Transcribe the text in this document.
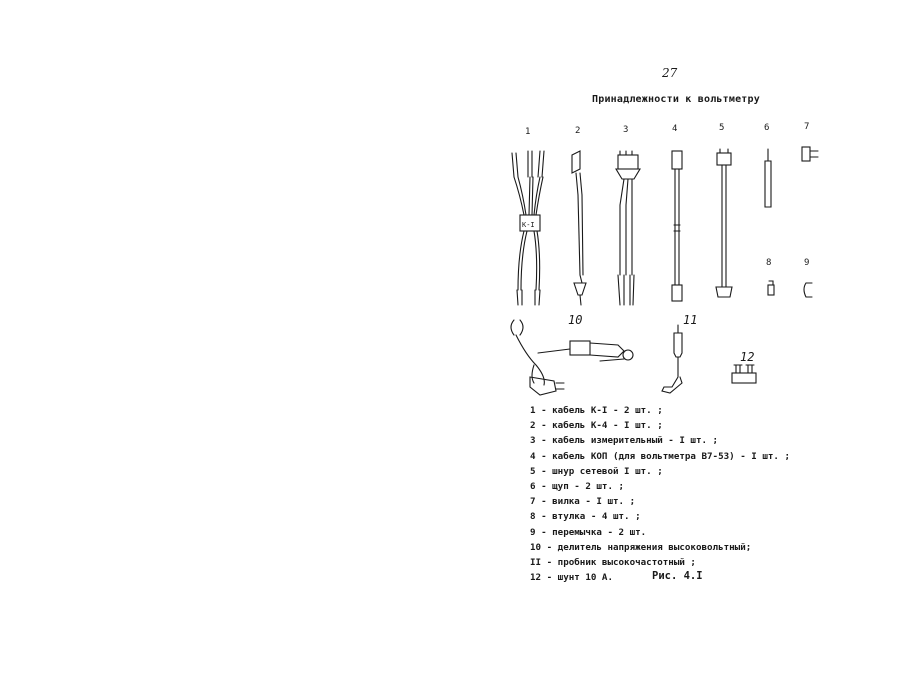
27
Принадлежности к вольтметру
1	2	3	4	5	6	7
8	9
10	11
12
К-I
1 - кабель К-I - 2 шт. ;
2 - кабель К-4 - I шт. ;
3 - кабель измерительный - I шт. ;
4 - кабель КОП (для вольтметра В7-53) - I шт. ;
5 - шнур сетевой I шт. ;
6 - щуп - 2 шт. ;
7 - вилка - I шт. ;
8 - втулка - 4 шт. ;
9 - перемычка - 2 шт.
10 - делитель напряжения высоковольтный;
II - пробник высокочастотный ;
12 - шунт 10 А.	Рис. 4.I
